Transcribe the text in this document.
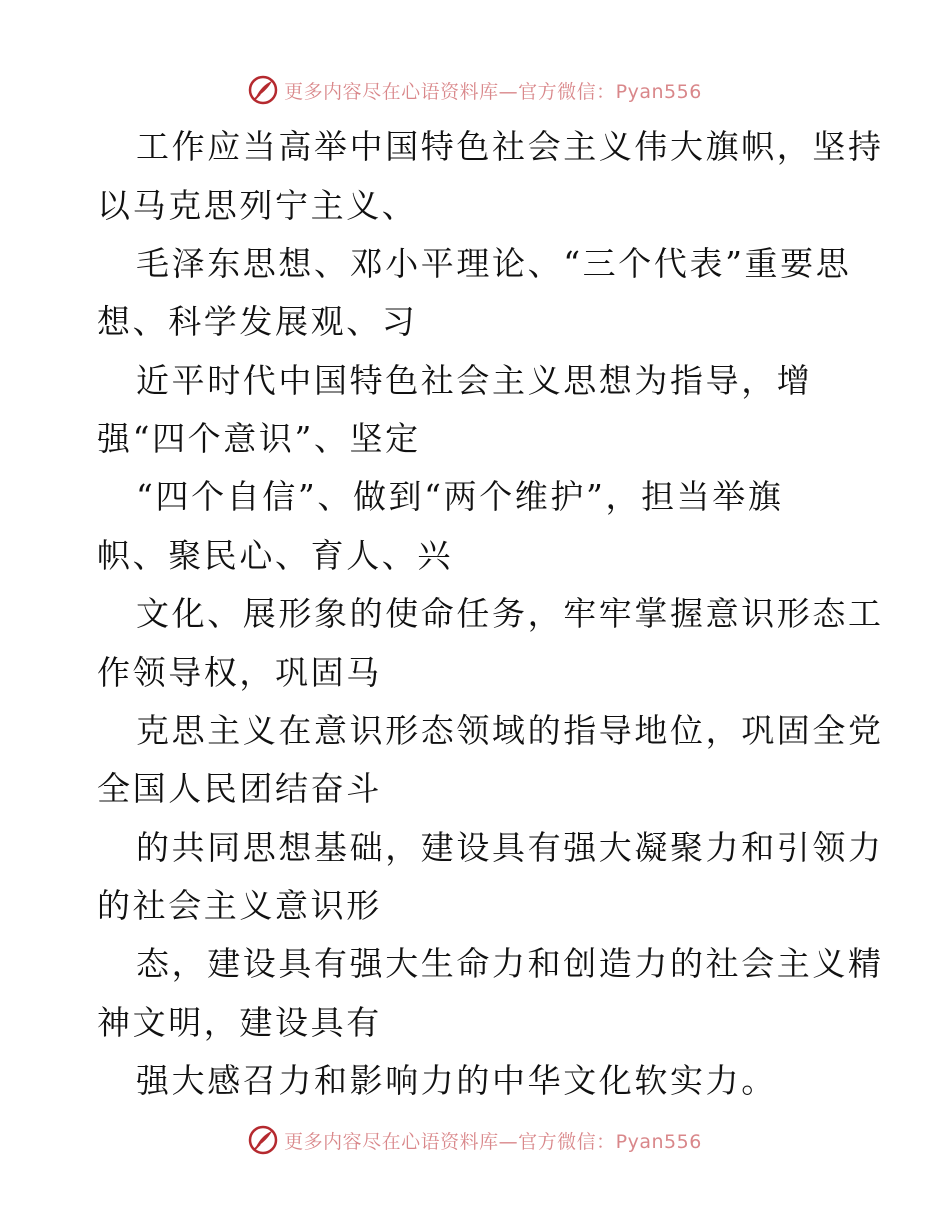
更多内容尽在心语资料库—官方微信：Pyan556
工作应当高举中国特色社会主义伟大旗帜，坚持
以马克思列宁主义、
毛泽东思想、邓小平理论、“三个代表”重要思
想、科学发展观、习
近平时代中国特色社会主义思想为指导，增
强“四个意识”、坚定
“四个自信”、做到“两个维护”，担当举旗
帜、聚民心、育人、兴
文化、展形象的使命任务，牢牢掌握意识形态工
作领导权，巩固马
克思主义在意识形态领域的指导地位，巩固全党
全国人民团结奋斗
的共同思想基础，建设具有强大凝聚力和引领力
的社会主义意识形
态，建设具有强大生命力和创造力的社会主义精
神文明，建设具有
强大感召力和影响力的中华文化软实力。
更多内容尽在心语资料库—官方微信：Pyan556
